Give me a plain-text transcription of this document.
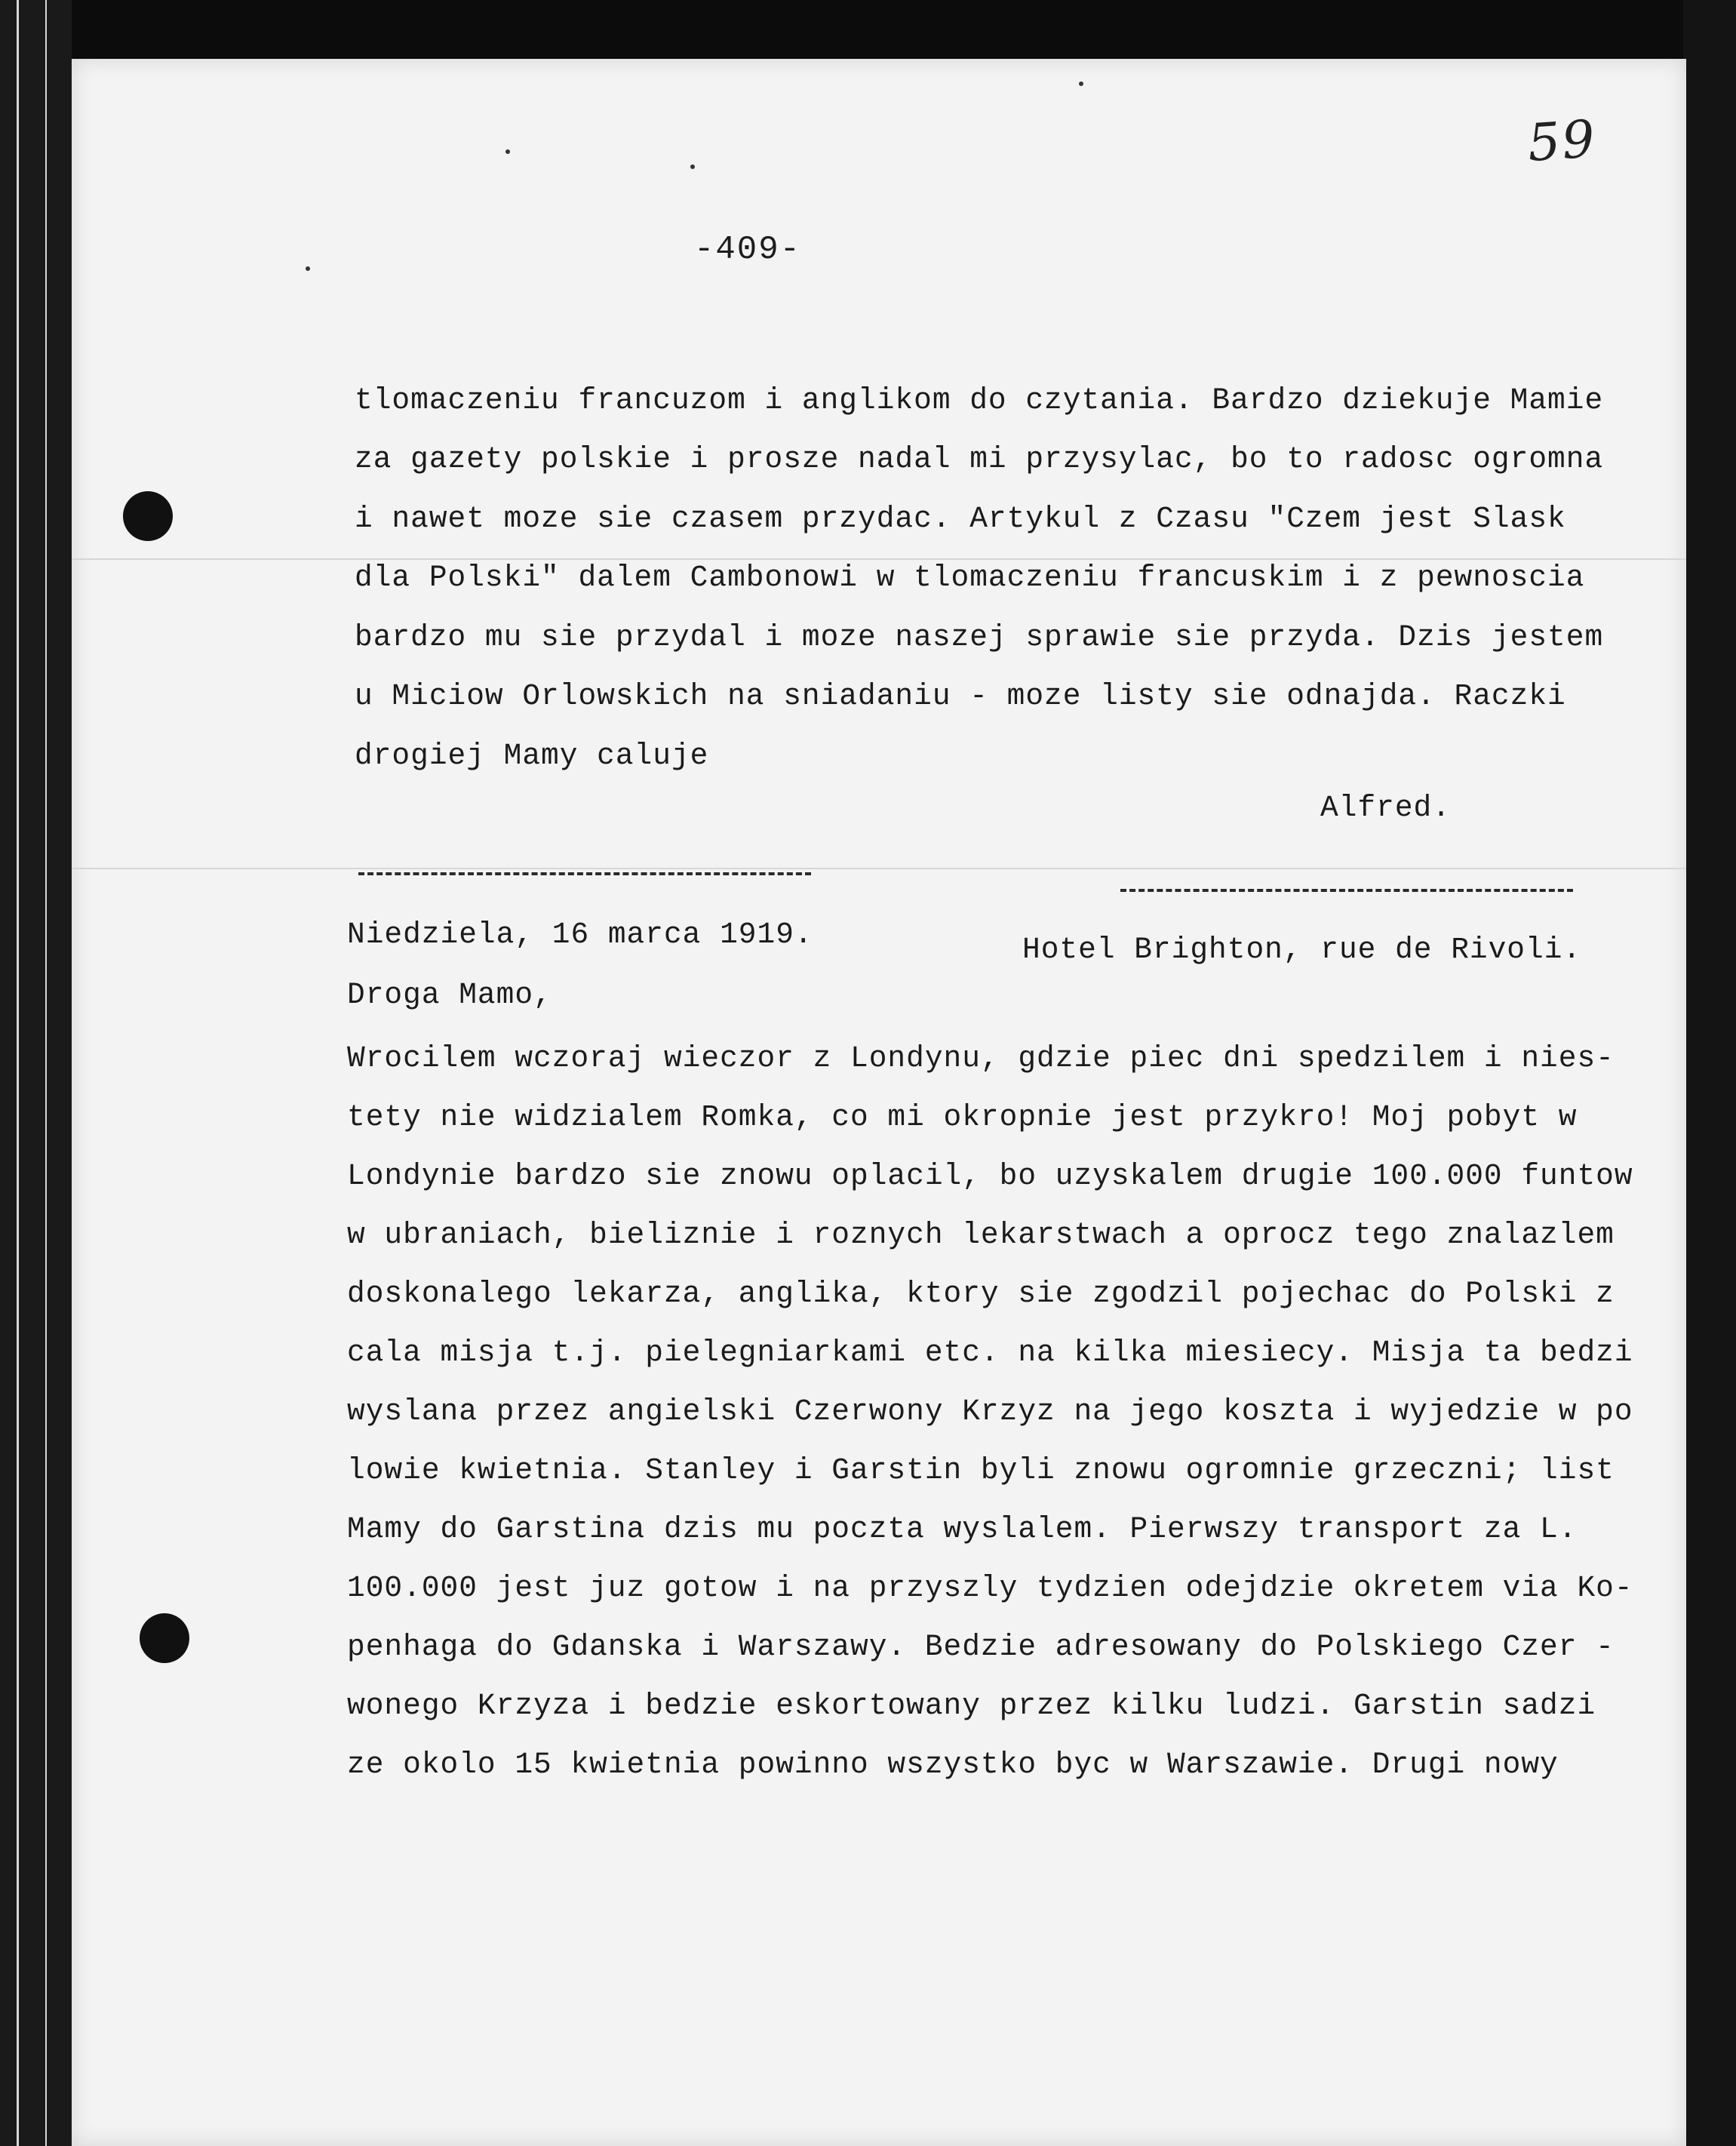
59
-409-
tlomaczeniu francuzom i anglikom do czytania. Bardzo dziekuje Mamie
za gazety polskie i prosze nadal mi przysylac, bo to radosc ogromna
i nawet moze sie czasem przydac. Artykul z Czasu "Czem jest Slask
dla Polski" dalem Cambonowi w tlomaczeniu francuskim i z pewnoscia
bardzo mu sie przydal i moze naszej sprawie sie przyda. Dzis jestem
u Miciow Orlowskich na sniadaniu - moze listy sie odnajda. Raczki
drogiej Mamy caluje
Alfred.
Niedziela, 16 marca 1919.	Hotel Brighton, rue de Rivoli.
Droga Mamo,
Wrocilem wczoraj wieczor z Londynu, gdzie piec dni spedzilem i nies-
tety nie widzialem Romka, co mi okropnie jest przykro! Moj pobyt w
Londynie bardzo sie znowu oplacil, bo uzyskalem drugie 100.000 funtow
w ubraniach, bieliznie i roznych lekarstwach a oprocz tego znalazlem
doskonalego lekarza, anglika, ktory sie zgodzil pojechac do Polski z
cala misja t.j. pielegniarkami etc. na kilka miesiecy. Misja ta bedzi
wyslana przez angielski Czerwony Krzyz na jego koszta i wyjedzie w po
lowie kwietnia. Stanley i Garstin byli znowu ogromnie grzeczni; list
Mamy do Garstina dzis mu poczta wyslalem. Pierwszy transport za L.
100.000 jest juz gotow i na przyszly tydzien odejdzie okretem via Ko-
penhaga do Gdanska i Warszawy. Bedzie adresowany do Polskiego Czer -
wonego Krzyza i bedzie eskortowany przez kilku ludzi. Garstin sadzi
ze okolo 15 kwietnia powinno wszystko byc w Warszawie. Drugi nowy
